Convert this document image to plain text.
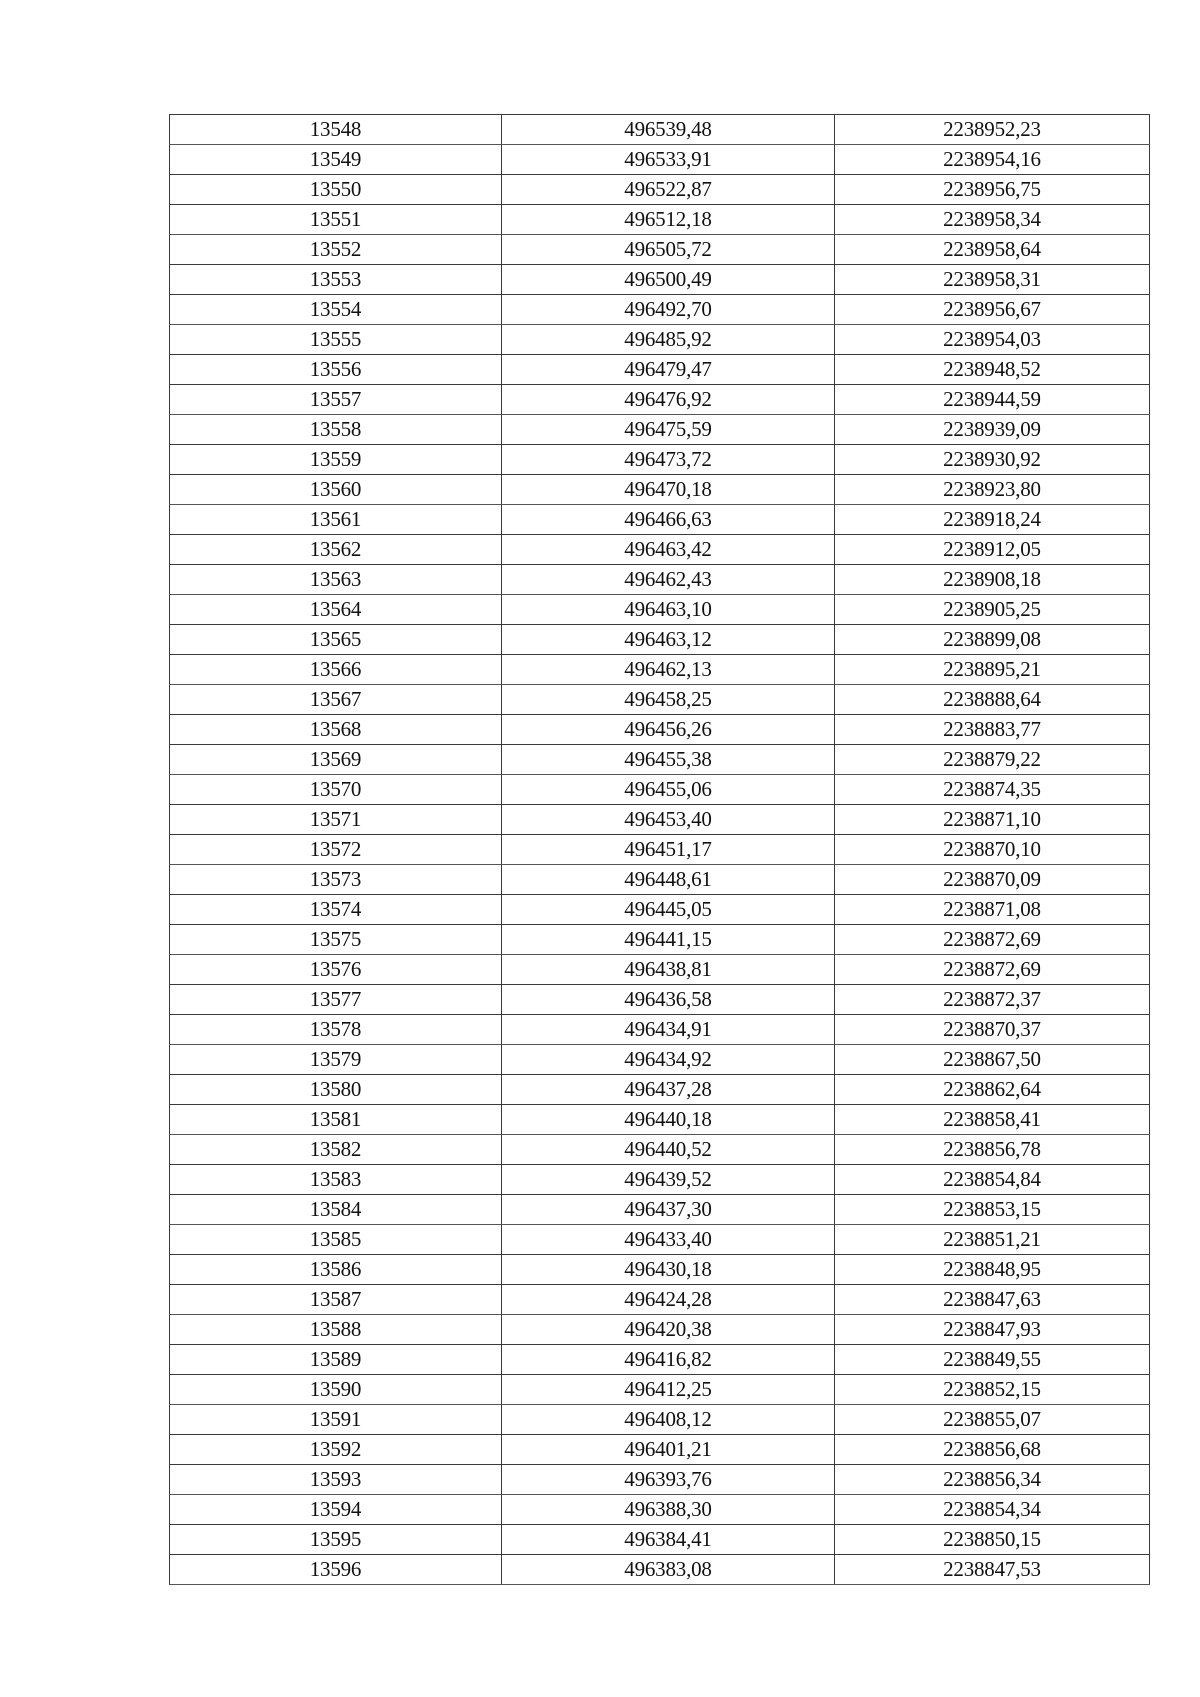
13548	496539,48	2238952,23
13549	496533,91	2238954,16
13550	496522,87	2238956,75
13551	496512,18	2238958,34
13552	496505,72	2238958,64
13553	496500,49	2238958,31
13554	496492,70	2238956,67
13555	496485,92	2238954,03
13556	496479,47	2238948,52
13557	496476,92	2238944,59
13558	496475,59	2238939,09
13559	496473,72	2238930,92
13560	496470,18	2238923,80
13561	496466,63	2238918,24
13562	496463,42	2238912,05
13563	496462,43	2238908,18
13564	496463,10	2238905,25
13565	496463,12	2238899,08
13566	496462,13	2238895,21
13567	496458,25	2238888,64
13568	496456,26	2238883,77
13569	496455,38	2238879,22
13570	496455,06	2238874,35
13571	496453,40	2238871,10
13572	496451,17	2238870,10
13573	496448,61	2238870,09
13574	496445,05	2238871,08
13575	496441,15	2238872,69
13576	496438,81	2238872,69
13577	496436,58	2238872,37
13578	496434,91	2238870,37
13579	496434,92	2238867,50
13580	496437,28	2238862,64
13581	496440,18	2238858,41
13582	496440,52	2238856,78
13583	496439,52	2238854,84
13584	496437,30	2238853,15
13585	496433,40	2238851,21
13586	496430,18	2238848,95
13587	496424,28	2238847,63
13588	496420,38	2238847,93
13589	496416,82	2238849,55
13590	496412,25	2238852,15
13591	496408,12	2238855,07
13592	496401,21	2238856,68
13593	496393,76	2238856,34
13594	496388,30	2238854,34
13595	496384,41	2238850,15
13596	496383,08	2238847,53
